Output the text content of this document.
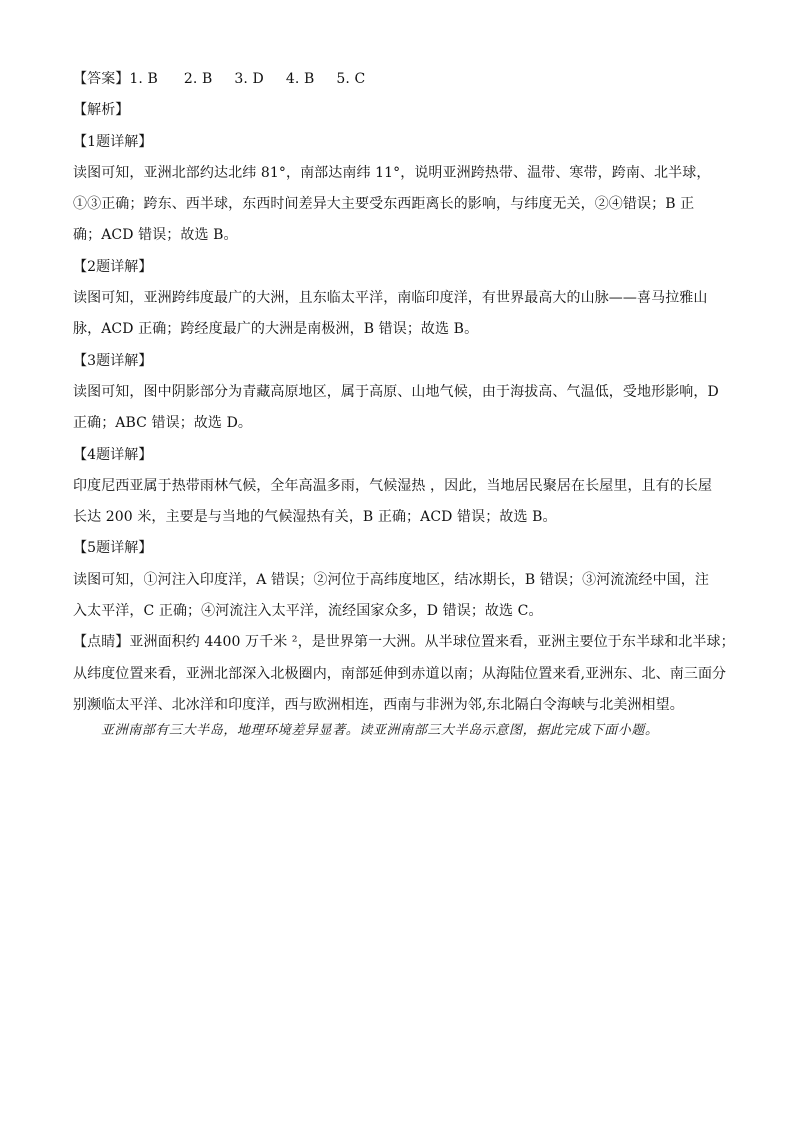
【答案】1. B 2. B 3. D 4. B 5. C
【解析】
【1题详解】
读图可知，亚洲北部约达北纬 81°，南部达南纬 11°，说明亚洲跨热带、温带、寒带，跨南、北半球，
①③正确；跨东、西半球，东西时间差异大主要受东西距离长的影响，与纬度无关，②④错误；B 正
确；ACD 错误；故选 B。
【2题详解】
读图可知，亚洲跨纬度最广的大洲，且东临太平洋，南临印度洋，有世界最高大的山脉——喜马拉雅山
脉，ACD 正确；跨经度最广的大洲是南极洲，B 错误；故选 B。
【3题详解】
读图可知，图中阴影部分为青藏高原地区，属于高原、山地气候，由于海拔高、气温低，受地形影响，D
正确；ABC 错误；故选 D。
【4题详解】
印度尼西亚属于热带雨林气候，全年高温多雨，气候湿热 ，因此，当地居民聚居在长屋里，且有的长屋
长达 200 米，主要是与当地的气候湿热有关，B 正确；ACD 错误；故选 B。
【5题详解】
读图可知，①河注入印度洋，A 错误；②河位于高纬度地区，结冰期长，B 错误；③河流流经中国，注
入太平洋，C 正确；④河流注入太平洋，流经国家众多，D 错误；故选 C。
【点睛】亚洲面积约 4400 万千米 ²，是世界第一大洲。从半球位置来看，亚洲主要位于东半球和北半球；
从纬度位置来看，亚洲北部深入北极圈内，南部延伸到赤道以南；从海陆位置来看,亚洲东、北、南三面分
别濒临太平洋、北冰洋和印度洋，西与欧洲相连，西南与非洲为邻,东北隔白令海峡与北美洲相望。
亚洲南部有三大半岛，地理环境差异显著。读亚洲南部三大半岛示意图，据此完成下面小题。
